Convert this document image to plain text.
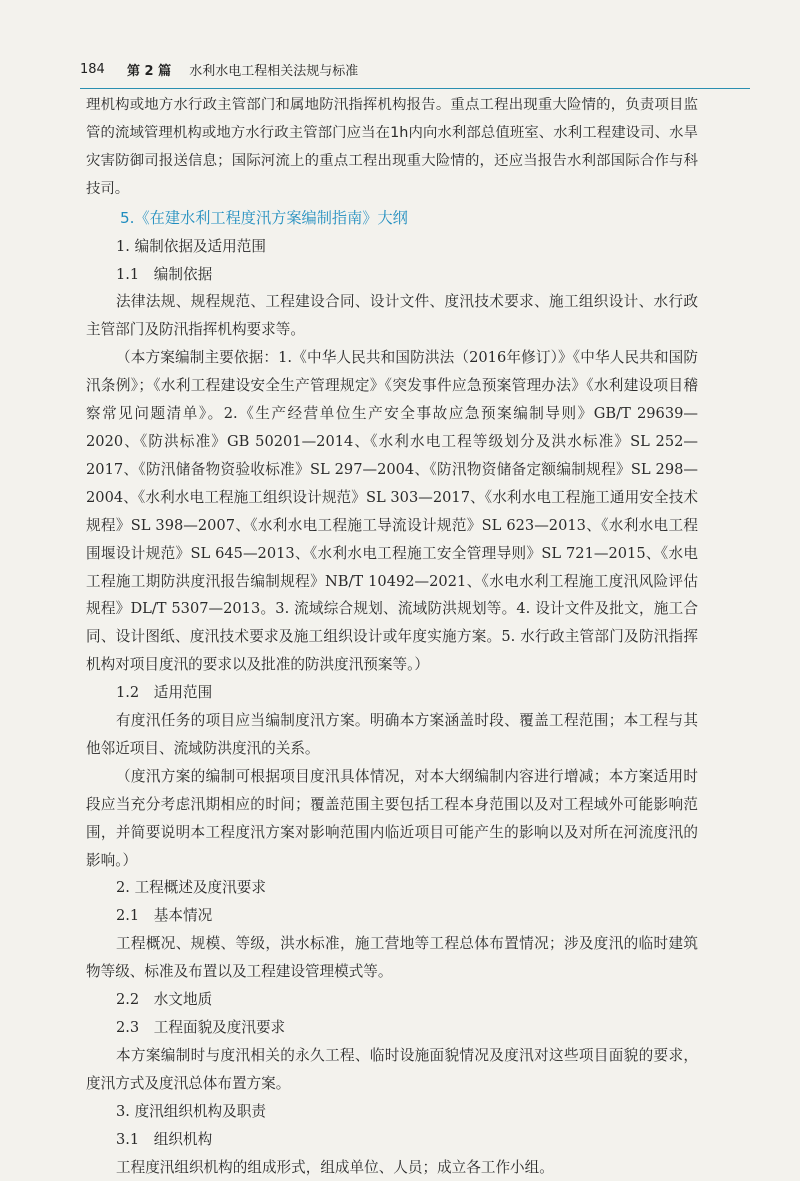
184 第 2 篇 水利水电工程相关法规与标准

理机构或地方水行政主管部门和属地防汛指挥机构报告。重点工程出现重大险情的，负责项目监管的流域管理机构或地方水行政主管部门应当在1h内向水利部总值班室、水利工程建设司、水旱灾害防御司报送信息；国际河流上的重点工程出现重大险情的，还应当报告水利部国际合作与科技司。

5.《在建水利工程度汛方案编制指南》大纲

1. 编制依据及适用范围

1.1　编制依据

法律法规、规程规范、工程建设合同、设计文件、度汛技术要求、施工组织设计、水行政主管部门及防汛指挥机构要求等。

（本方案编制主要依据：1.《中华人民共和国防洪法（2016年修订）》《中华人民共和国防汛条例》；《水利工程建设安全生产管理规定》《突发事件应急预案管理办法》《水利建设项目稽察常见问题清单》。2.《生产经营单位生产安全事故应急预案编制导则》GB/T 29639—2020、《防洪标准》GB 50201—2014、《水利水电工程等级划分及洪水标准》SL 252—2017、《防汛储备物资验收标准》SL 297—2004、《防汛物资储备定额编制规程》SL 298—2004、《水利水电工程施工组织设计规范》SL 303—2017、《水利水电工程施工通用安全技术规程》SL 398—2007、《水利水电工程施工导流设计规范》SL 623—2013、《水利水电工程围堰设计规范》SL 645—2013、《水利水电工程施工安全管理导则》SL 721—2015、《水电工程施工期防洪度汛报告编制规程》NB/T 10492—2021、《水电水利工程施工度汛风险评估规程》DL/T 5307—2013。3. 流域综合规划、流域防洪规划等。4. 设计文件及批文，施工合同、设计图纸、度汛技术要求及施工组织设计或年度实施方案。5. 水行政主管部门及防汛指挥机构对项目度汛的要求以及批准的防洪度汛预案等。）

1.2　适用范围

有度汛任务的项目应当编制度汛方案。明确本方案涵盖时段、覆盖工程范围；本工程与其他邻近项目、流域防洪度汛的关系。

（度汛方案的编制可根据项目度汛具体情况，对本大纲编制内容进行增减；本方案适用时段应当充分考虑汛期相应的时间；覆盖范围主要包括工程本身范围以及对工程域外可能影响范围，并简要说明本工程度汛方案对影响范围内临近项目可能产生的影响以及对所在河流度汛的影响。）

2. 工程概述及度汛要求

2.1　基本情况

工程概况、规模、等级，洪水标准，施工营地等工程总体布置情况；涉及度汛的临时建筑物等级、标准及布置以及工程建设管理模式等。

2.2　水文地质

2.3　工程面貌及度汛要求

本方案编制时与度汛相关的永久工程、临时设施面貌情况及度汛对这些项目面貌的要求，度汛方式及度汛总体布置方案。

3. 度汛组织机构及职责

3.1　组织机构

工程度汛组织机构的组成形式，组成单位、人员；成立各工作小组。
